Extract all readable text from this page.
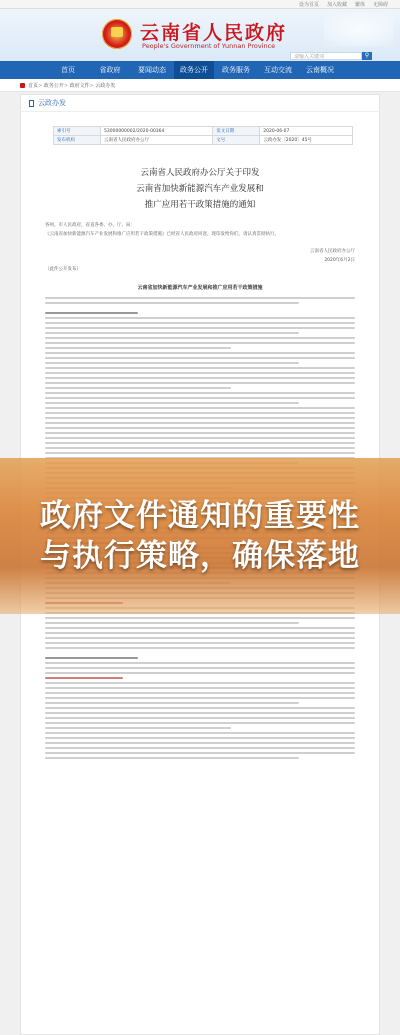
设为首页 加入收藏 繁体 无障碍
云南省人民政府
People's Government of Yunnan Province
请输入关键词	⚲
首页	省政府	要闻动态	政务公开	政务服务	互动交流	云南概况
首页	> 政务公开	> 政府文件	> 云政办发
云政办发
索引号	53000000002/2020-00364	发文日期	2020-06-07
发布机构	云南省人民政府办公厅	文号	云政办发〔2020〕45号
云南省人民政府办公厅关于印发
云南省加快新能源汽车产业发展和
推广应用若干政策措施的通知
各州、市人民政府，省直各委、办、厅、局：
《云南省加快新能源汽车产业发展和推广应用若干政策措施》已经省人民政府同意，现印发给你们，请认真贯彻执行。
云南省人民政府办公厅
2020年6月2日
（此件公开发布）
云南省加快新能源汽车产业发展和推广应用若干政策措施
政府文件通知的重要性
与执行策略，确保落地
